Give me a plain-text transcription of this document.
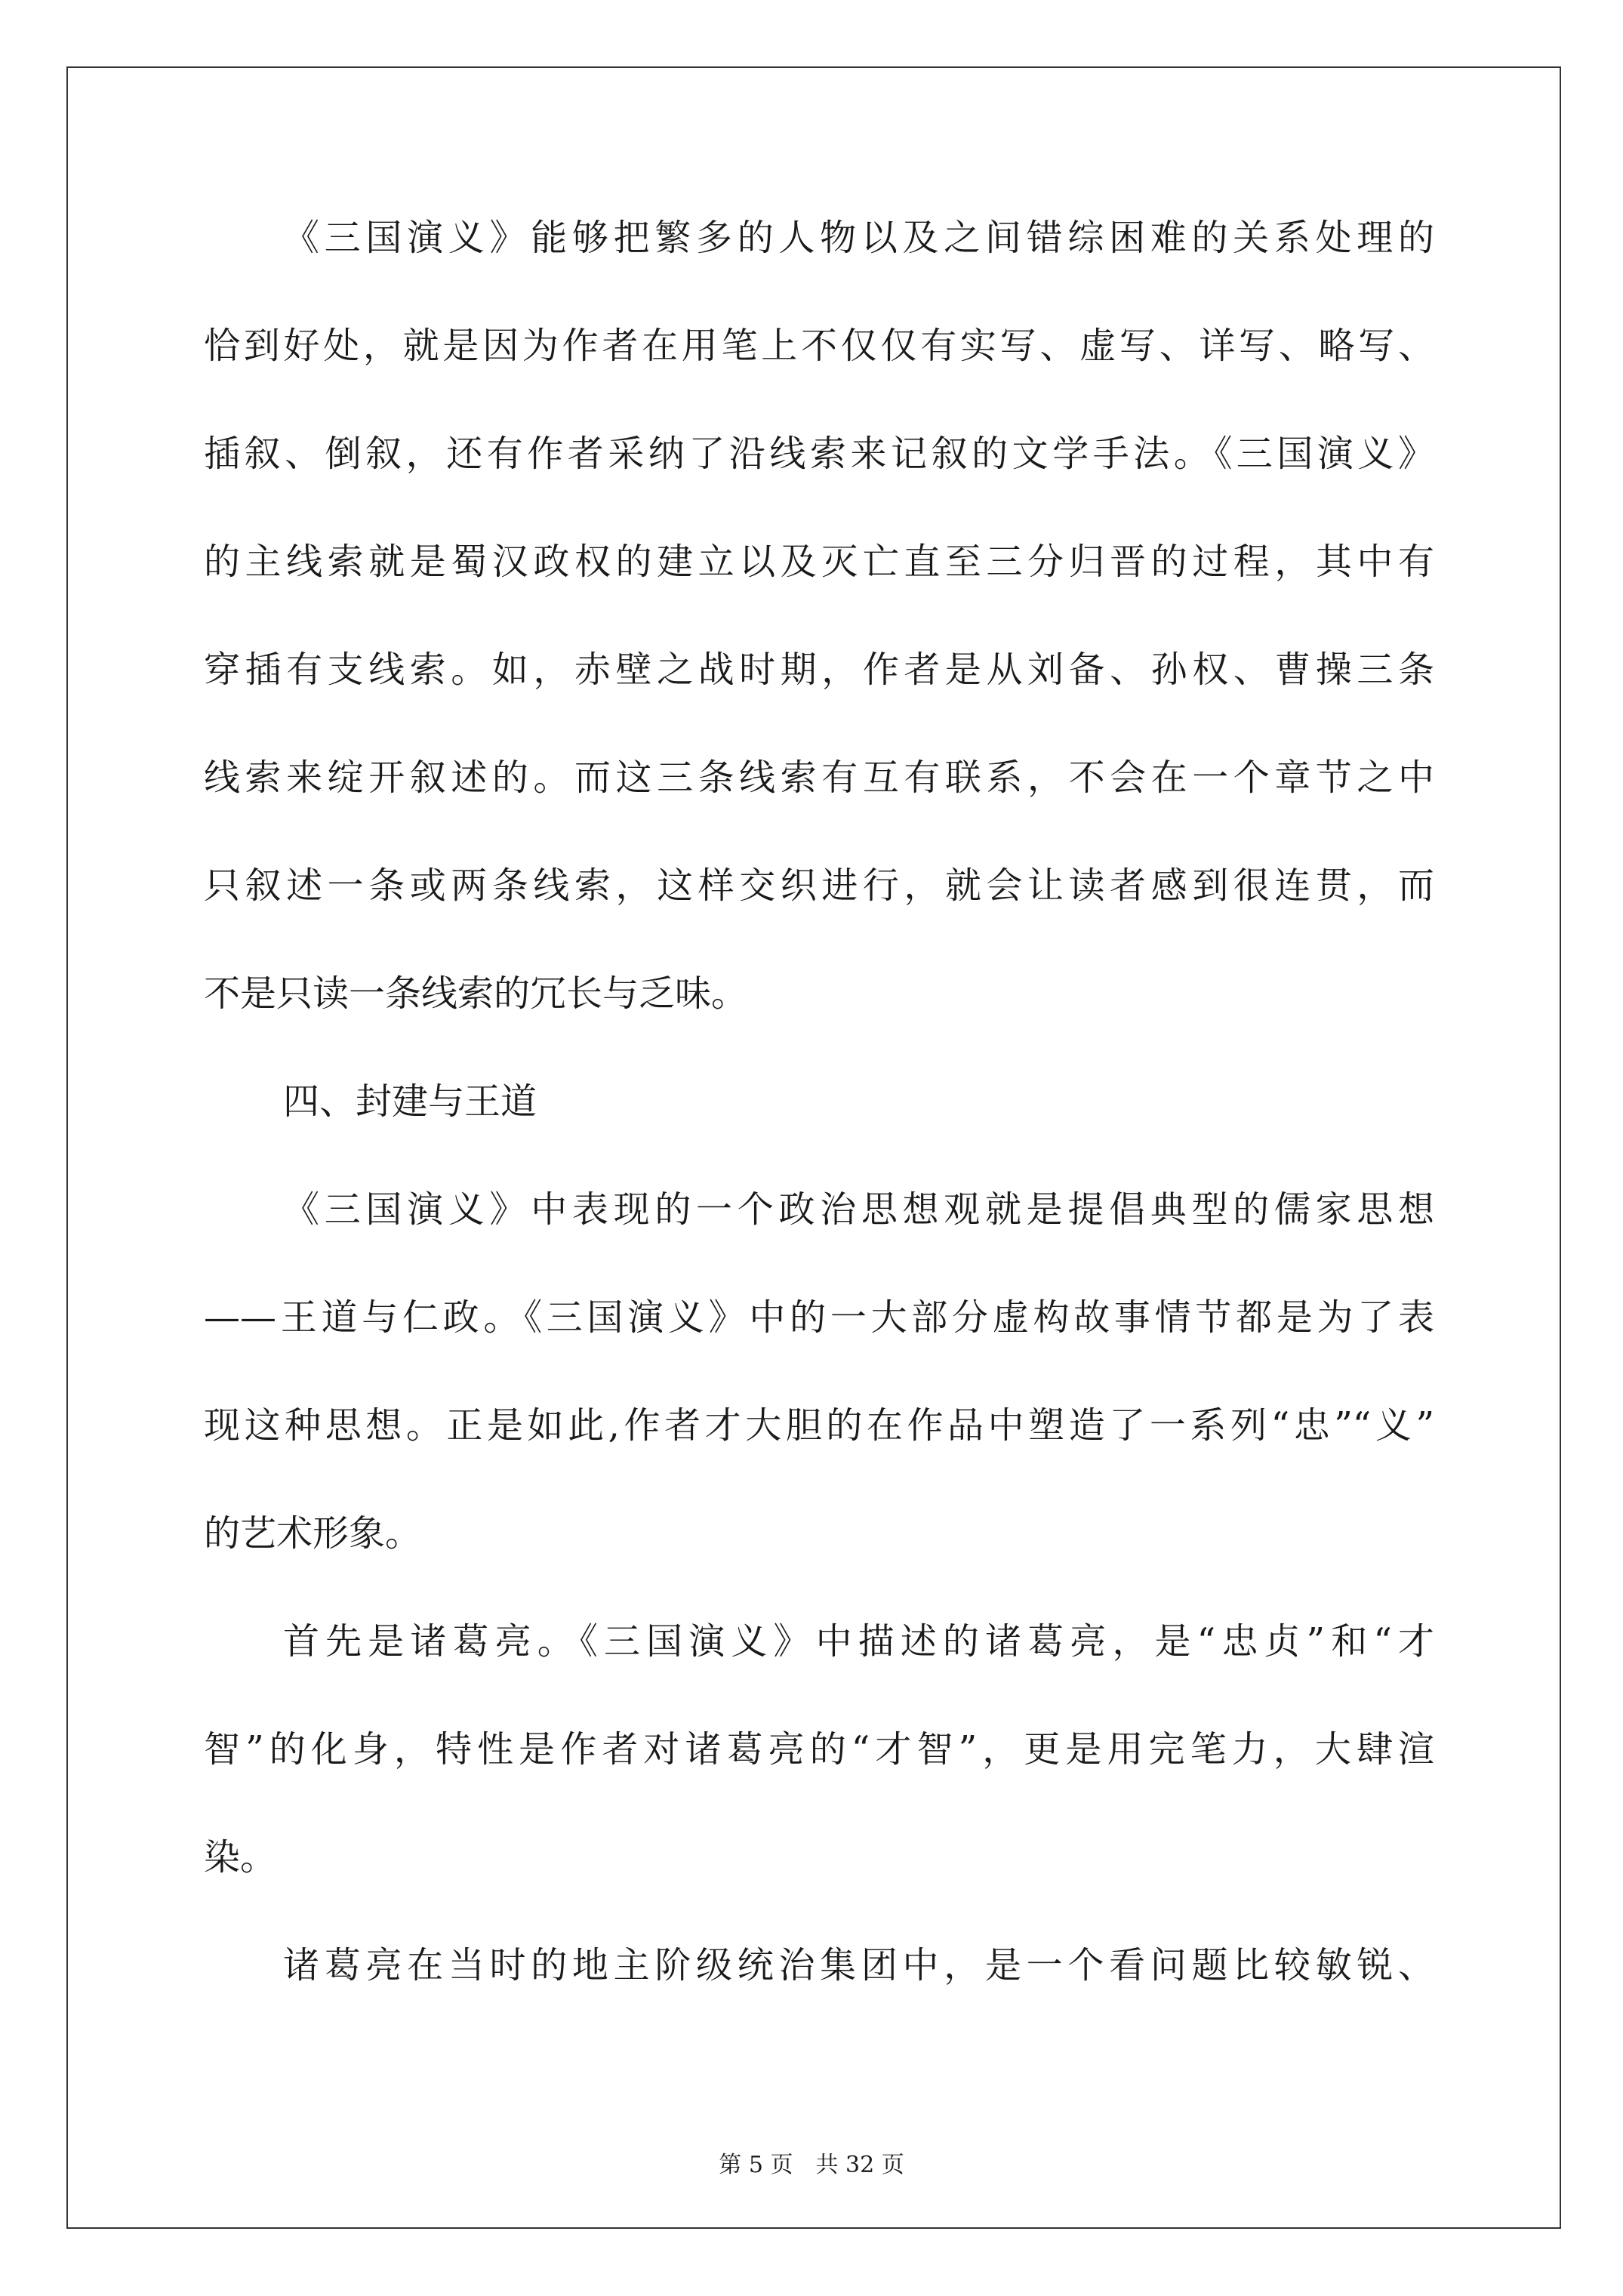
《三国演义》能够把繁多的人物以及之间错综困难的关系处理的
恰到好处，就是因为作者在用笔上不仅仅有实写、虚写、详写、略写、
插叙、倒叙，还有作者采纳了沿线索来记叙的文学手法。《三国演义》
的主线索就是蜀汉政权的建立以及灭亡直至三分归晋的过程，其中有
穿插有支线索。如，赤壁之战时期，作者是从刘备、孙权、曹操三条
线索来绽开叙述的。而这三条线索有互有联系，不会在一个章节之中
只叙述一条或两条线索，这样交织进行，就会让读者感到很连贯，而
不是只读一条线索的冗长与乏味。
四、封建与王道
《三国演义》中表现的一个政治思想观就是提倡典型的儒家思想
——王道与仁政。《三国演义》中的一大部分虚构故事情节都是为了表
现这种思想。正是如此,作者才大胆的在作品中塑造了一系列“忠”“义”
的艺术形象。
首先是诸葛亮。《三国演义》中描述的诸葛亮，是“忠贞”和“才
智”的化身，特性是作者对诸葛亮的“才智”，更是用完笔力，大肆渲
染。
诸葛亮在当时的地主阶级统治集团中，是一个看问题比较敏锐、
第 5 页　共 32 页
